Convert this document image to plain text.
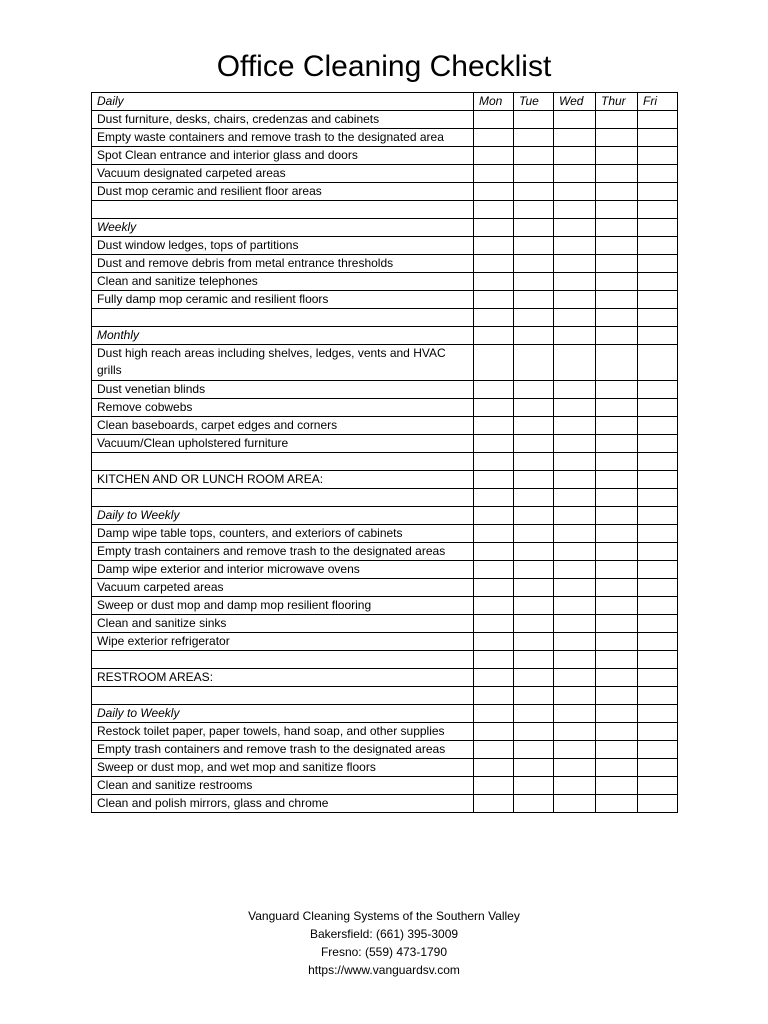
Office Cleaning Checklist
Daily	Mon	Tue	Wed	Thur	Fri
Dust furniture, desks, chairs, credenzas and cabinets					
Empty waste containers and remove trash to the designated area					
Spot Clean entrance and interior glass and doors					
Vacuum designated carpeted areas					
Dust mop ceramic and resilient floor areas					

Weekly					
Dust window ledges, tops of partitions					
Dust and remove debris from metal entrance thresholds					
Clean and sanitize telephones					
Fully damp mop ceramic and resilient floors					

Monthly					
Dust high reach areas including shelves, ledges, vents and HVAC grills					
Dust venetian blinds					
Remove cobwebs					
Clean baseboards, carpet edges and corners					
Vacuum/Clean upholstered furniture					

KITCHEN AND OR LUNCH ROOM AREA:					

Daily to Weekly					
Damp wipe table tops, counters, and exteriors of cabinets					
Empty trash containers and remove trash to the designated areas					
Damp wipe exterior and interior microwave ovens					
Vacuum carpeted areas					
Sweep or dust mop and damp mop resilient flooring					
Clean and sanitize sinks					
Wipe exterior refrigerator					

RESTROOM AREAS:					

Daily to Weekly					
Restock toilet paper, paper towels, hand soap, and other supplies					
Empty trash containers and remove trash to the designated areas					
Sweep or dust mop, and wet mop and sanitize floors					
Clean and sanitize restrooms					
Clean and polish mirrors, glass and chrome					
Vanguard Cleaning Systems of the Southern Valley
Bakersfield: (661) 395-3009
Fresno: (559) 473-1790
https://www.vanguardsv.com
